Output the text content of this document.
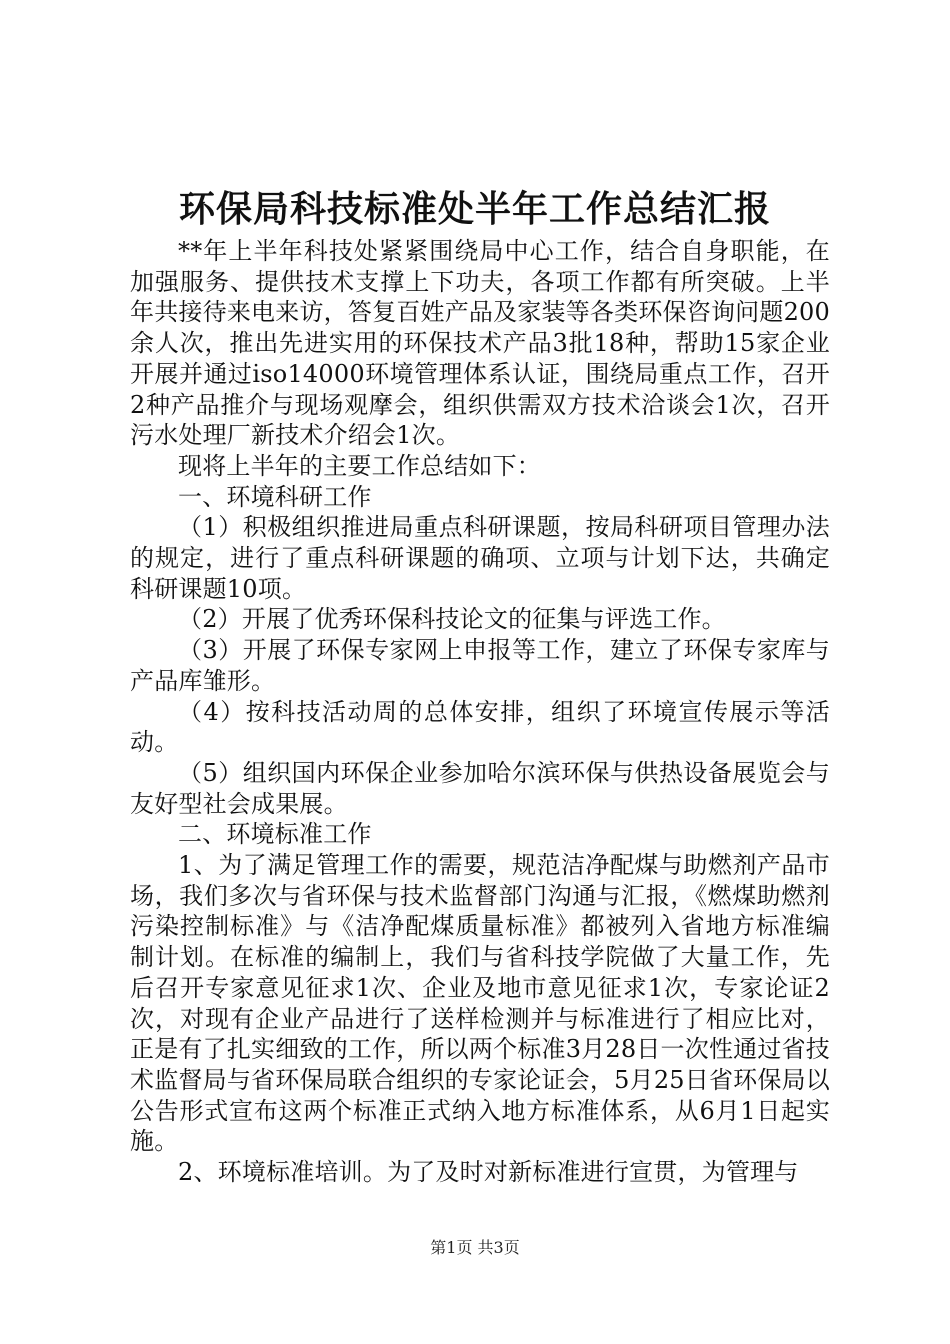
环保局科技标准处半年工作总结汇报

**年上半年科技处紧紧围绕局中心工作，结合自身职能，在加强服务、提供技术支撑上下功夫，各项工作都有所突破。上半年共接待来电来访，答复百姓产品及家装等各类环保咨询问题200余人次，推出先进实用的环保技术产品3批18种，帮助15家企业开展并通过iso14000环境管理体系认证，围绕局重点工作，召开2种产品推介与现场观摩会，组织供需双方技术洽谈会1次，召开污水处理厂新技术介绍会1次。

现将上半年的主要工作总结如下：

一、环境科研工作

（1）积极组织推进局重点科研课题，按局科研项目管理办法的规定，进行了重点科研课题的确项、立项与计划下达，共确定科研课题10项。

（2）开展了优秀环保科技论文的征集与评选工作。

（3）开展了环保专家网上申报等工作，建立了环保专家库与产品库雏形。

（4）按科技活动周的总体安排，组织了环境宣传展示等活动。

（5）组织国内环保企业参加哈尔滨环保与供热设备展览会与友好型社会成果展。

二、环境标准工作

1、为了满足管理工作的需要，规范洁净配煤与助燃剂产品市场，我们多次与省环保与技术监督部门沟通与汇报，《燃煤助燃剂污染控制标准》与《洁净配煤质量标准》都被列入省地方标准编制计划。在标准的编制上，我们与省科技学院做了大量工作，先后召开专家意见征求1次、企业及地市意见征求1次，专家论证2次，对现有企业产品进行了送样检测并与标准进行了相应比对，正是有了扎实细致的工作，所以两个标准3月28日一次性通过省技术监督局与省环保局联合组织的专家论证会，5月25日省环保局以公告形式宣布这两个标准正式纳入地方标准体系，从6月1日起实施。

2、环境标准培训。为了及时对新标准进行宣贯，为管理与

第1页 共3页
